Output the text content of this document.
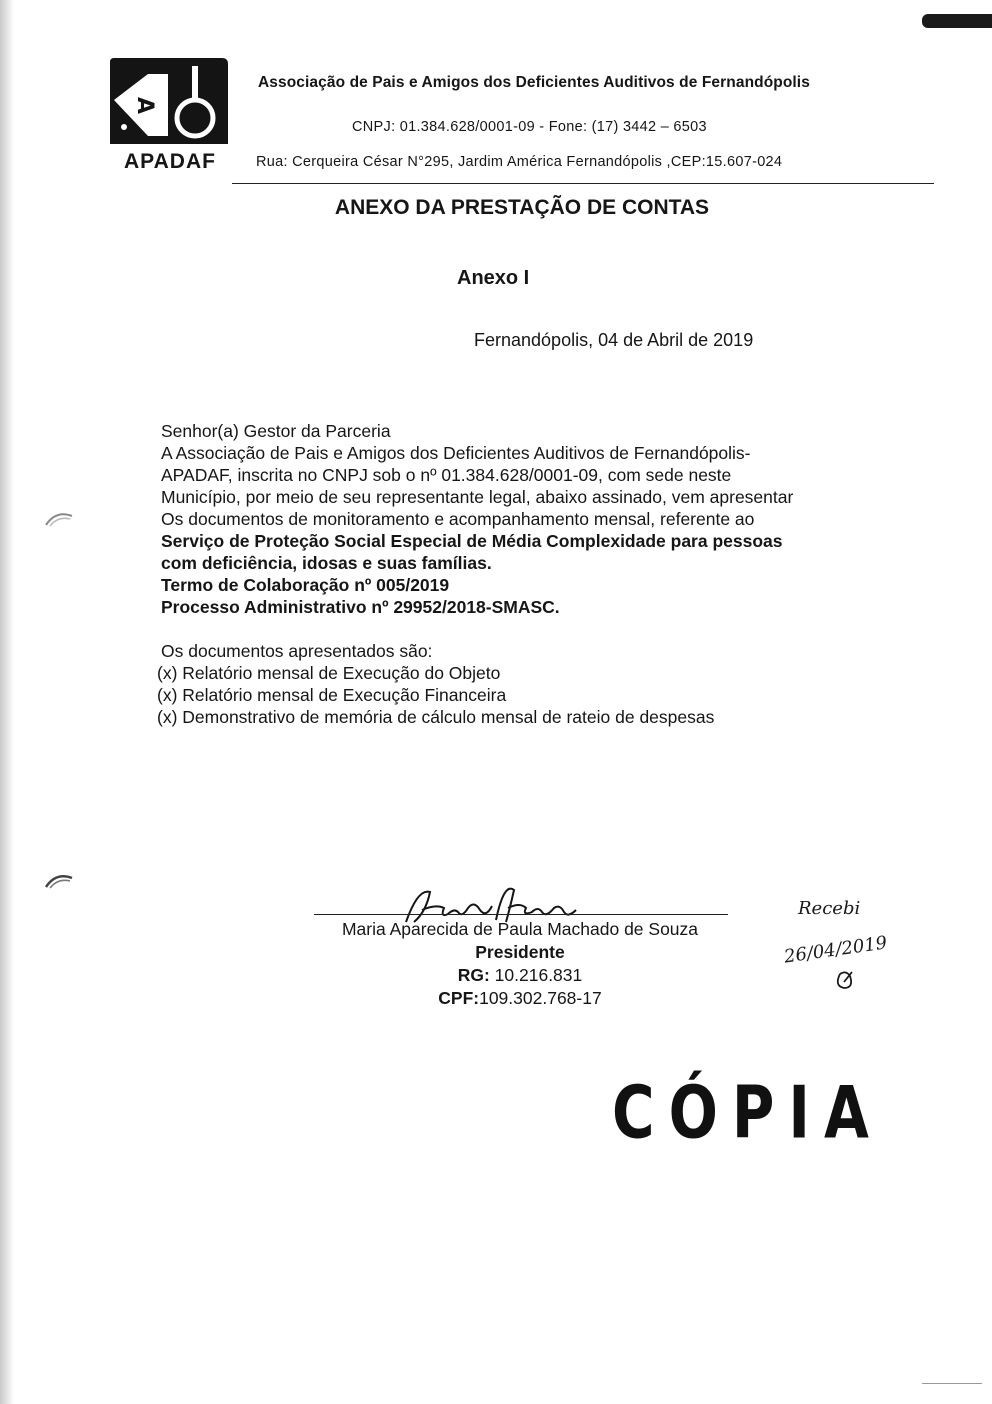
A
APADAF
Associação de Pais e Amigos dos Deficientes Auditivos de Fernandópolis
CNPJ: 01.384.628/0001-09 - Fone: (17) 3442 – 6503
Rua: Cerqueira César N°295, Jardim América Fernandópolis ,CEP:15.607-024
ANEXO DA PRESTAÇÃO DE CONTAS
Anexo I
Fernandópolis, 04 de Abril de 2019

Senhor(a) Gestor da Parceria

A Associação de Pais e Amigos dos Deficientes Auditivos de Fernandópolis-

APADAF, inscrita no CNPJ sob o nº 01.384.628/0001-09, com sede neste

Município, por meio de seu representante legal, abaixo assinado, vem apresentar

Os documentos de monitoramento e acompanhamento mensal, referente ao

Serviço de Proteção Social Especial de Média Complexidade para pessoas

com deficiência, idosas e suas famílias.

Termo de Colaboração nº 005/2019

Processo Administrativo nº 29952/2018-SMASC.

Os documentos apresentados são:

(x) Relatório mensal de Execução do Objeto

(x) Relatório mensal de Execução Financeira

(x) Demonstrativo de memória de cálculo mensal de rateio de despesas

Maria Aparecida de Paula Machado de Souza

Presidente

RG: 10.216.831

CPF:109.302.768-17

Recebi
26/04/2019
CÓPIA
